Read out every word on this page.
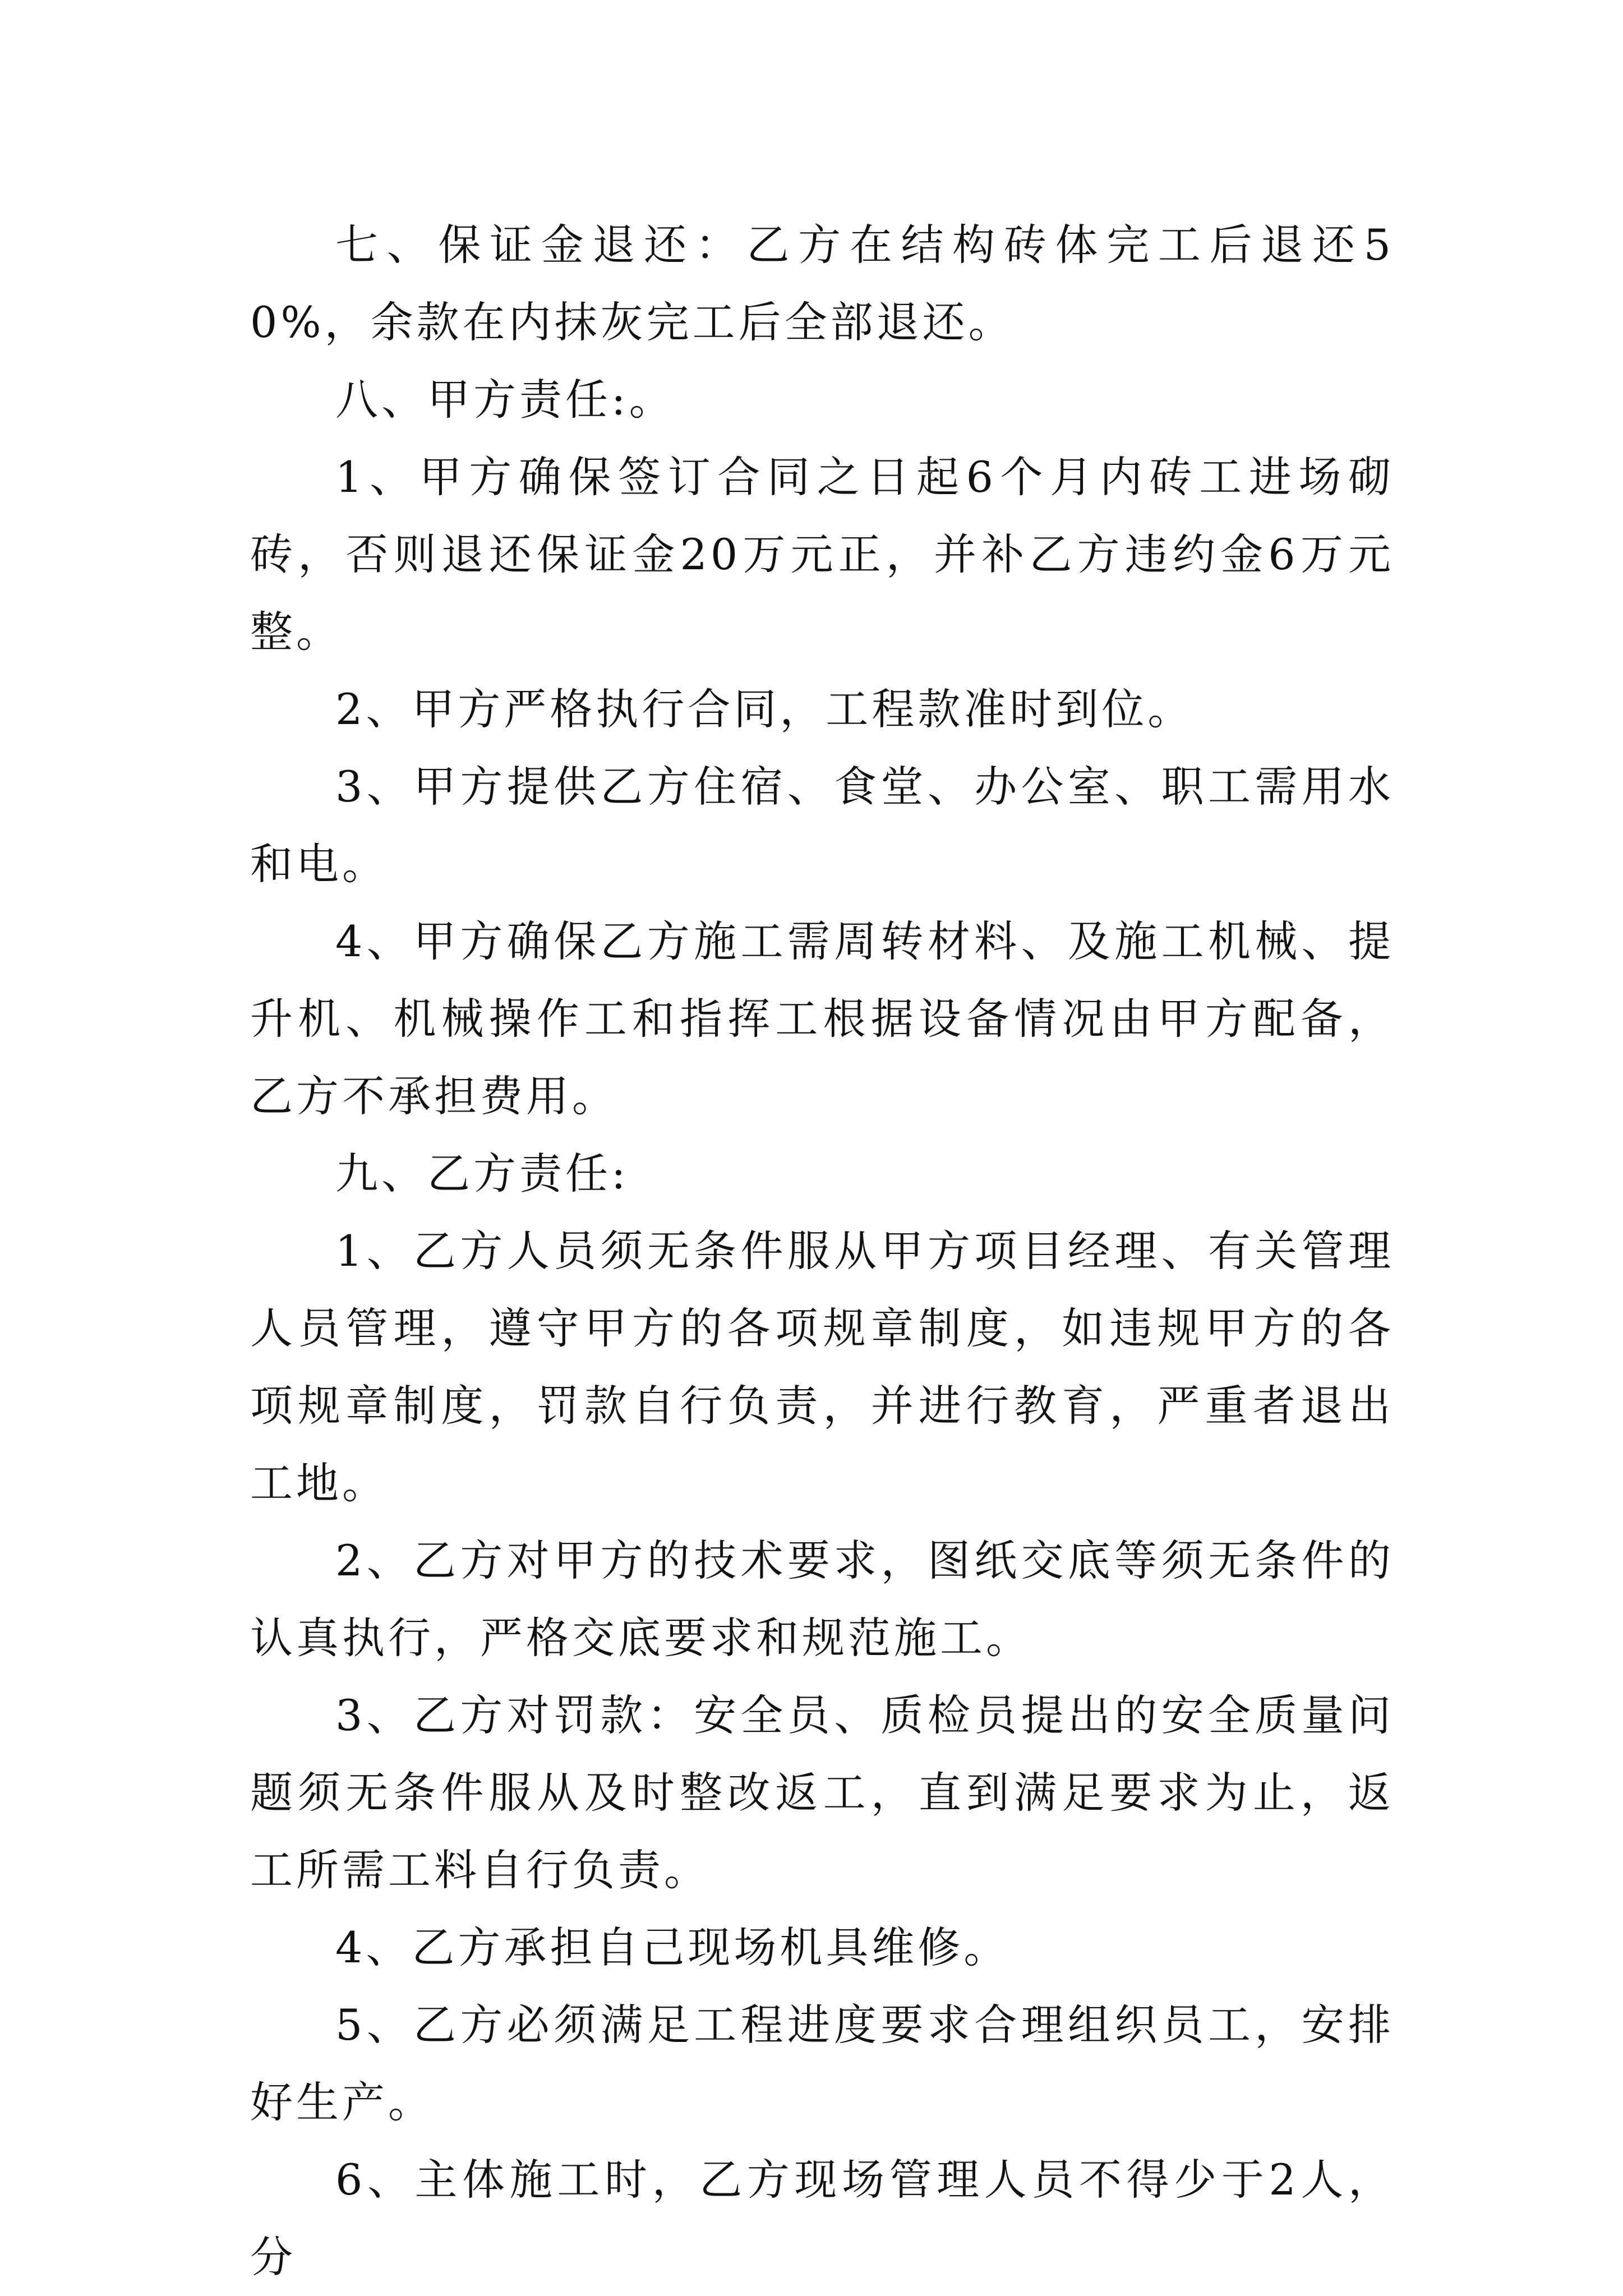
七、保证金退还：乙方在结构砖体完工后退还50%，余款在内抹灰完工后全部退还。

八、甲方责任:。

1、甲方确保签订合同之日起6个月内砖工进场砌砖，否则退还保证金20万元正，并补乙方违约金6万元整。

2、甲方严格执行合同，工程款准时到位。

3、甲方提供乙方住宿、食堂、办公室、职工需用水和电。

4、甲方确保乙方施工需周转材料、及施工机械、提升机、机械操作工和指挥工根据设备情况由甲方配备，乙方不承担费用。

九、乙方责任:

1、乙方人员须无条件服从甲方项目经理、有关管理人员管理，遵守甲方的各项规章制度，如违规甲方的各项规章制度，罚款自行负责，并进行教育，严重者退出工地。

2、乙方对甲方的技术要求，图纸交底等须无条件的认真执行，严格交底要求和规范施工。

3、乙方对罚款：安全员、质检员提出的安全质量问题须无条件服从及时整改返工，直到满足要求为止，返工所需工料自行负责。

4、乙方承担自己现场机具维修。

5、乙方必须满足工程进度要求合理组织员工，安排好生产。

6、主体施工时，乙方现场管理人员不得少于2人，分
